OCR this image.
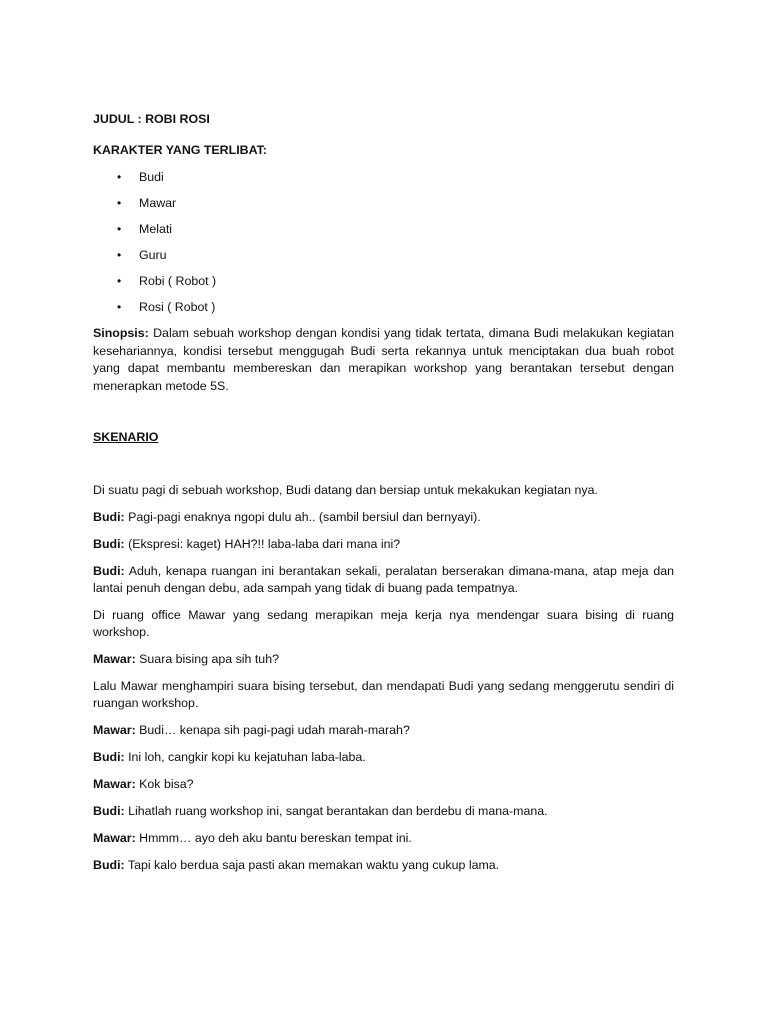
JUDUL : ROBI ROSI

KARAKTER YANG TERLIBAT:

• Budi
• Mawar
• Melati
• Guru
• Robi ( Robot )
• Rosi ( Robot )

Sinopsis: Dalam sebuah workshop dengan kondisi yang tidak tertata, dimana Budi melakukan kegiatan kesehariannya, kondisi tersebut menggugah Budi serta rekannya untuk menciptakan dua buah robot yang dapat membantu membereskan dan merapikan workshop yang berantakan tersebut dengan menerapkan metode 5S.

SKENARIO

Di suatu pagi di sebuah workshop, Budi datang dan bersiap untuk mekakukan kegiatan nya.

Budi: Pagi-pagi enaknya ngopi dulu ah.. (sambil bersiul dan bernyayi).

Budi: (Ekspresi: kaget) HAH?!! laba-laba dari mana ini?

Budi: Aduh, kenapa ruangan ini berantakan sekali, peralatan berserakan dimana-mana, atap meja dan lantai penuh dengan debu, ada sampah yang tidak di buang pada tempatnya.

Di ruang office Mawar yang sedang merapikan meja kerja nya mendengar suara bising di ruang workshop.

Mawar: Suara bising apa sih tuh?

Lalu Mawar menghampiri suara bising tersebut, dan mendapati Budi yang sedang menggerutu sendiri di ruangan workshop.

Mawar: Budi… kenapa sih pagi-pagi udah marah-marah?

Budi: Ini loh, cangkir kopi ku kejatuhan laba-laba.

Mawar: Kok bisa?

Budi: Lihatlah ruang workshop ini, sangat berantakan dan berdebu di mana-mana.

Mawar: Hmmm… ayo deh aku bantu bereskan tempat ini.

Budi: Tapi kalo berdua saja pasti akan memakan waktu yang cukup lama.
